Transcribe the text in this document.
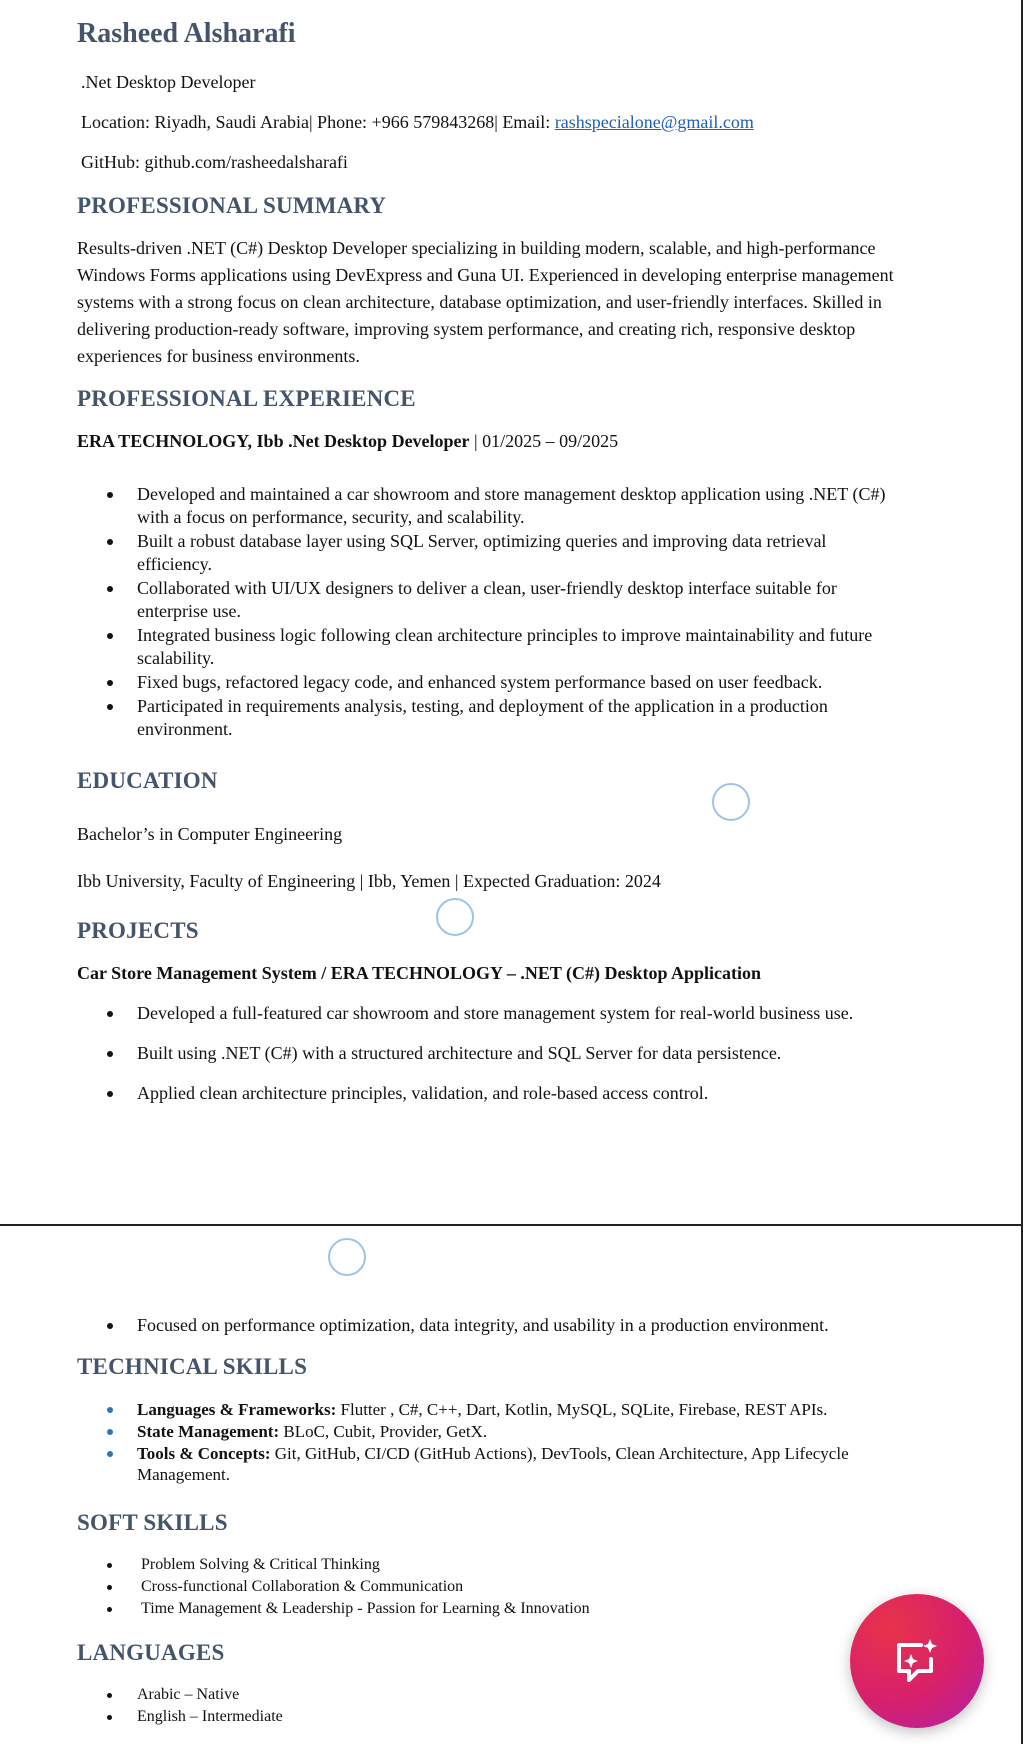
Rasheed Alsharafi
.Net Desktop Developer
Location: Riyadh, Saudi Arabia| Phone: +966 579843268| Email: rashspecialone@gmail.com
GitHub: github.com/rasheedalsharafi
PROFESSIONAL SUMMARY
Results-driven .NET (C#) Desktop Developer specializing in building modern, scalable, and high-performance Windows Forms applications using DevExpress and Guna UI. Experienced in developing enterprise management systems with a strong focus on clean architecture, database optimization, and user-friendly interfaces. Skilled in delivering production-ready software, improving system performance, and creating rich, responsive desktop experiences for business environments.
PROFESSIONAL EXPERIENCE
ERA TECHNOLOGY, Ibb .Net Desktop Developer | 01/2025 – 09/2025
Developed and maintained a car showroom and store management desktop application using .NET (C#) with a focus on performance, security, and scalability.
Built a robust database layer using SQL Server, optimizing queries and improving data retrieval efficiency.
Collaborated with UI/UX designers to deliver a clean, user-friendly desktop interface suitable for enterprise use.
Integrated business logic following clean architecture principles to improve maintainability and future scalability.
Fixed bugs, refactored legacy code, and enhanced system performance based on user feedback.
Participated in requirements analysis, testing, and deployment of the application in a production environment.
EDUCATION
Bachelor’s in Computer Engineering
Ibb University, Faculty of Engineering | Ibb, Yemen | Expected Graduation: 2024
PROJECTS
Car Store Management System / ERA TECHNOLOGY – .NET (C#) Desktop Application
Developed a full-featured car showroom and store management system for real-world business use.
Built using .NET (C#) with a structured architecture and SQL Server for data persistence.
Applied clean architecture principles, validation, and role-based access control.
Focused on performance optimization, data integrity, and usability in a production environment.
TECHNICAL SKILLS
Languages & Frameworks: Flutter , C#, C++, Dart, Kotlin, MySQL, SQLite, Firebase, REST APIs.
State Management: BLoC, Cubit, Provider, GetX.
Tools & Concepts: Git, GitHub, CI/CD (GitHub Actions), DevTools, Clean Architecture, App Lifecycle Management.
SOFT SKILLS
Problem Solving & Critical Thinking
Cross-functional Collaboration & Communication
Time Management & Leadership - Passion for Learning & Innovation
LANGUAGES
Arabic – Native
English – Intermediate
